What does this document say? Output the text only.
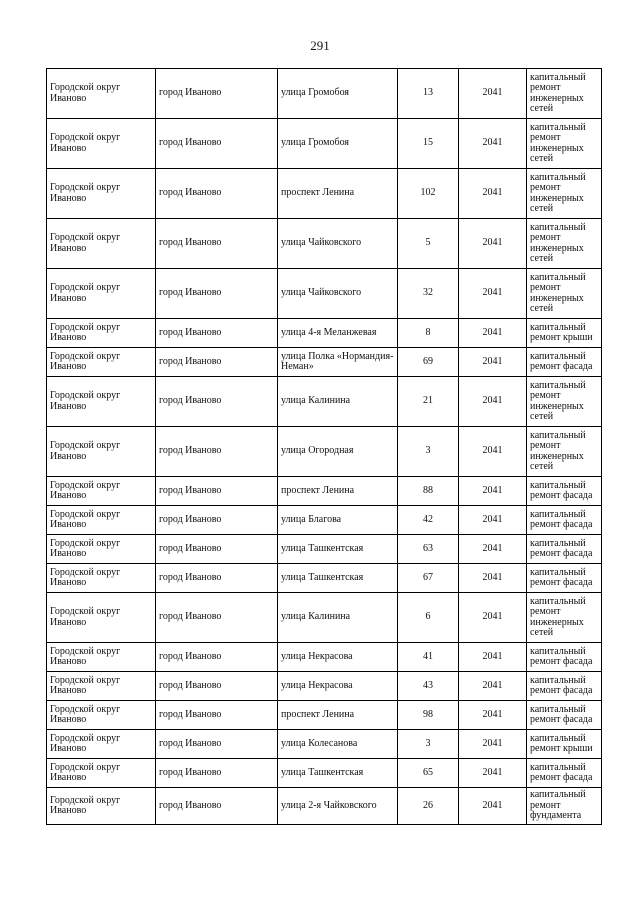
291
Городской округ Иваново	город Иваново	улица Громобоя	13	2041	капитальный ремонт инженерных сетей
Городской округ Иваново	город Иваново	улица Громобоя	15	2041	капитальный ремонт инженерных сетей
Городской округ Иваново	город Иваново	проспект Ленина	102	2041	капитальный ремонт инженерных сетей
Городской округ Иваново	город Иваново	улица Чайковского	5	2041	капитальный ремонт инженерных сетей
Городской округ Иваново	город Иваново	улица Чайковского	32	2041	капитальный ремонт инженерных сетей
Городской округ Иваново	город Иваново	улица 4-я Меланжевая	8	2041	капитальный ремонт крыши
Городской округ Иваново	город Иваново	улица Полка «Нормандия-Неман»	69	2041	капитальный ремонт фасада
Городской округ Иваново	город Иваново	улица Калинина	21	2041	капитальный ремонт инженерных сетей
Городской округ Иваново	город Иваново	улица Огородная	3	2041	капитальный ремонт инженерных сетей
Городской округ Иваново	город Иваново	проспект Ленина	88	2041	капитальный ремонт фасада
Городской округ Иваново	город Иваново	улица Благова	42	2041	капитальный ремонт фасада
Городской округ Иваново	город Иваново	улица Ташкентская	63	2041	капитальный ремонт фасада
Городской округ Иваново	город Иваново	улица Ташкентская	67	2041	капитальный ремонт фасада
Городской округ Иваново	город Иваново	улица Калинина	6	2041	капитальный ремонт инженерных сетей
Городской округ Иваново	город Иваново	улица Некрасова	41	2041	капитальный ремонт фасада
Городской округ Иваново	город Иваново	улица Некрасова	43	2041	капитальный ремонт фасада
Городской округ Иваново	город Иваново	проспект Ленина	98	2041	капитальный ремонт фасада
Городской округ Иваново	город Иваново	улица Колесанова	3	2041	капитальный ремонт крыши
Городской округ Иваново	город Иваново	улица Ташкентская	65	2041	капитальный ремонт фасада
Городской округ Иваново	город Иваново	улица 2-я Чайковского	26	2041	капитальный ремонт фундамента
